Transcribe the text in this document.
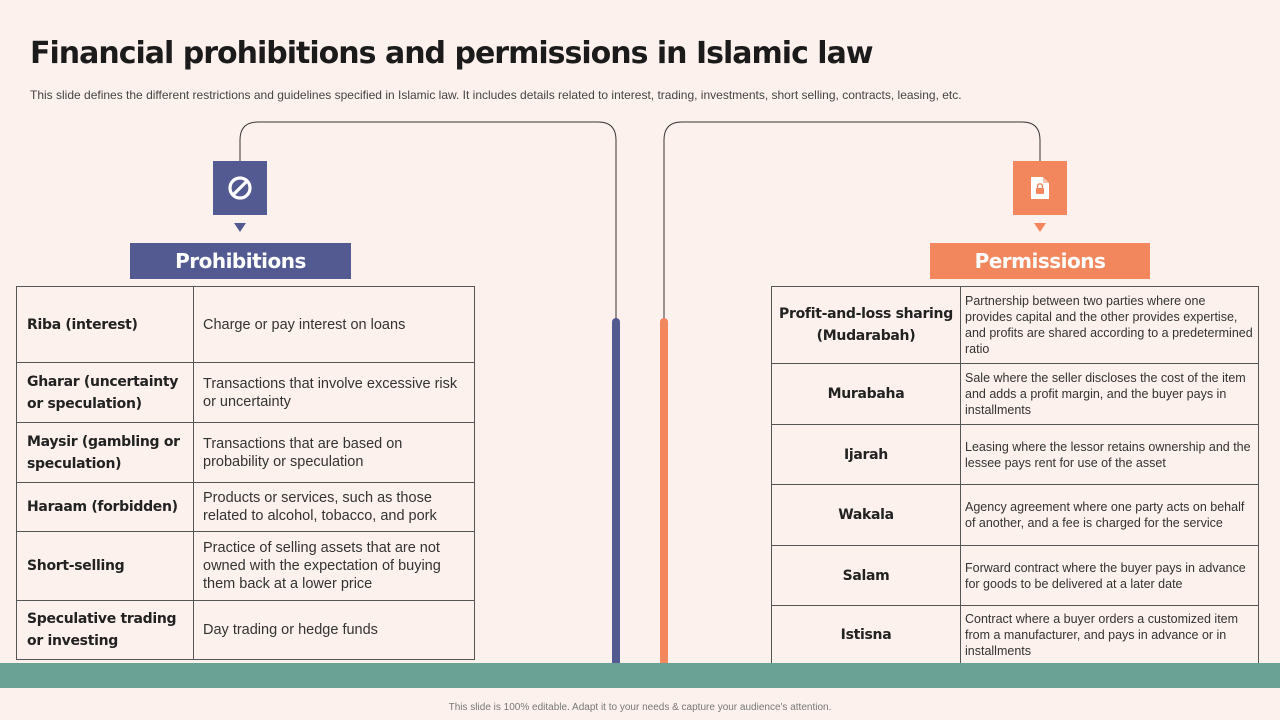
Financial prohibitions and permissions in Islamic law
This slide defines the different restrictions and guidelines specified in Islamic law. It includes details related to interest, trading, investments, short selling, contracts, leasing, etc.
Prohibitions	Permissions
Riba (interest)	Charge or pay interest on loans
Gharar (uncertainty or speculation)	Transactions that involve excessive risk or uncertainty
Maysir (gambling or speculation)	Transactions that are based on probability or speculation
Haraam (forbidden)	Products or services, such as those related to alcohol, tobacco, and pork
Short-selling	Practice of selling assets that are not owned with the expectation of buying them back at a lower price
Speculative trading or investing	Day trading or hedge funds
Profit-and-loss sharing (Mudarabah)	Partnership between two parties where one provides capital and the other provides expertise, and profits are shared according to a predetermined ratio
Murabaha	Sale where the seller discloses the cost of the item and adds a profit margin, and the buyer pays in installments
Ijarah	Leasing where the lessor retains ownership and the lessee pays rent for use of the asset
Wakala	Agency agreement where one party acts on behalf of another, and a fee is charged for the service
Salam	Forward contract where the buyer pays in advance for goods to be delivered at a later date
Istisna	Contract where a buyer orders a customized item from a manufacturer, and pays in advance or in installments
This slide is 100% editable. Adapt it to your needs & capture your audience's attention.
